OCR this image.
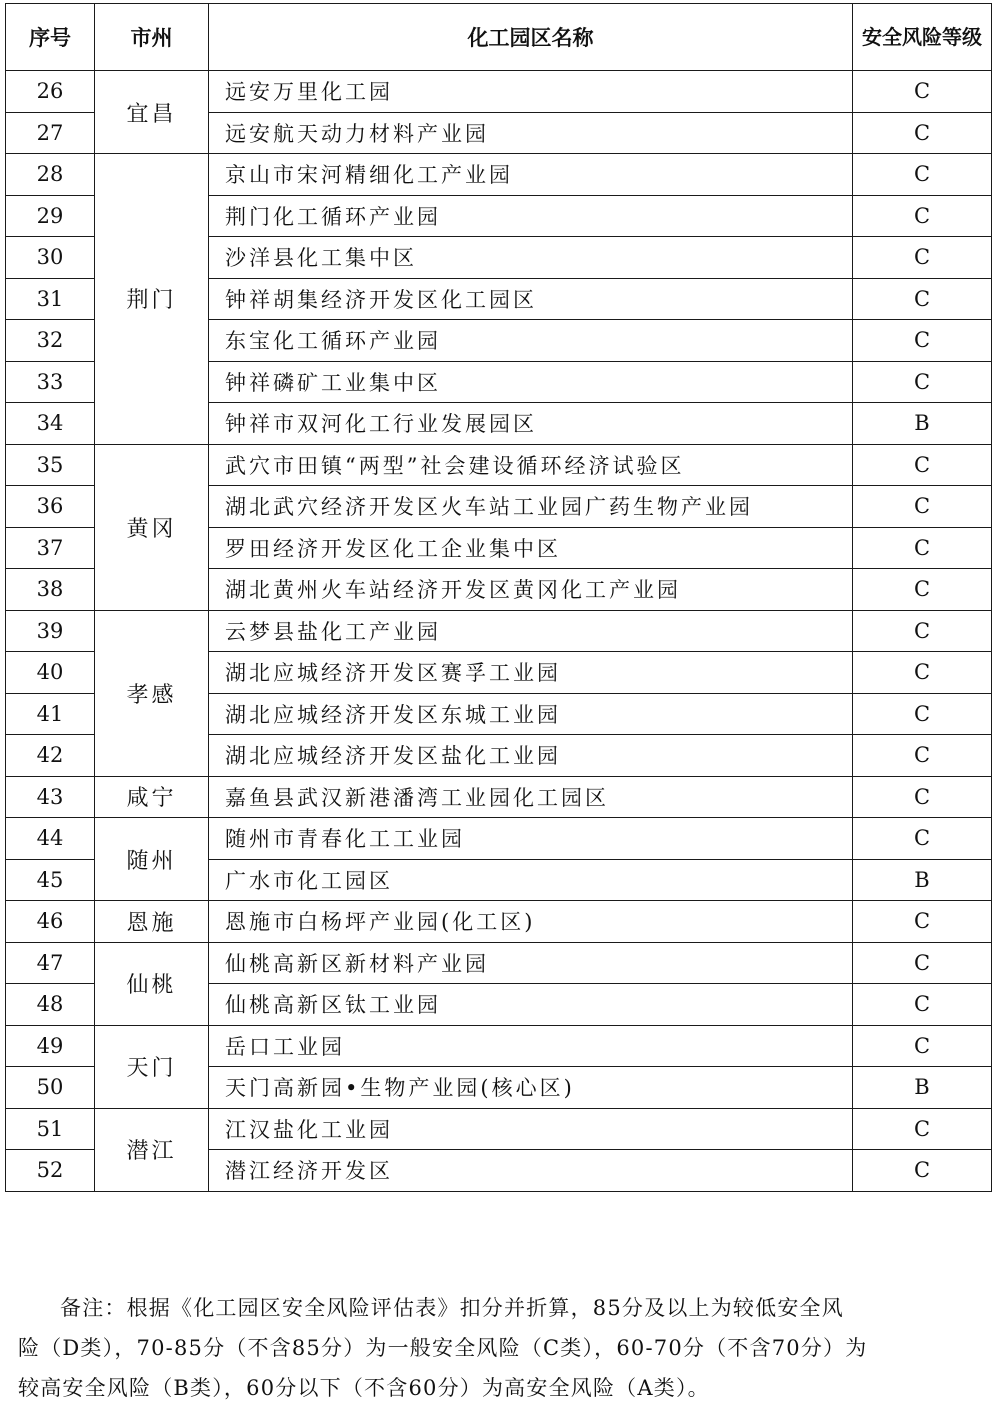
序号	市州	化工园区名称	安全风险等级
26	宜昌	远安万里化工园	C
27		远安航天动力材料产业园	C
28	荆门	京山市宋河精细化工产业园	C
29		荆门化工循环产业园	C
30		沙洋县化工集中区	C
31		钟祥胡集经济开发区化工园区	C
32		东宝化工循环产业园	C
33		钟祥磷矿工业集中区	C
34		钟祥市双河化工行业发展园区	B
35	黄冈	武穴市田镇“两型”社会建设循环经济试验区	C
36		湖北武穴经济开发区火车站工业园广药生物产业园	C
37		罗田经济开发区化工企业集中区	C
38		湖北黄州火车站经济开发区黄冈化工产业园	C
39	孝感	云梦县盐化工产业园	C
40		湖北应城经济开发区赛孚工业园	C
41		湖北应城经济开发区东城工业园	C
42		湖北应城经济开发区盐化工业园	C
43	咸宁	嘉鱼县武汉新港潘湾工业园化工园区	C
44	随州	随州市青春化工工业园	C
45		广水市化工园区	B
46	恩施	恩施市白杨坪产业园(化工区)	C
47	仙桃	仙桃高新区新材料产业园	C
48		仙桃高新区钛工业园	C
49	天门	岳口工业园	C
50		天门高新园•生物产业园(核心区)	B
51	潜江	江汉盐化工业园	C
52		潜江经济开发区	C

备注：根据《化工园区安全风险评估表》扣分并折算，85分及以上为较低安全风

险（D类），70-85分（不含85分）为一般安全风险（C类），60-70分（不含70分）为

较高安全风险（B类），60分以下（不含60分）为高安全风险（A类）。
